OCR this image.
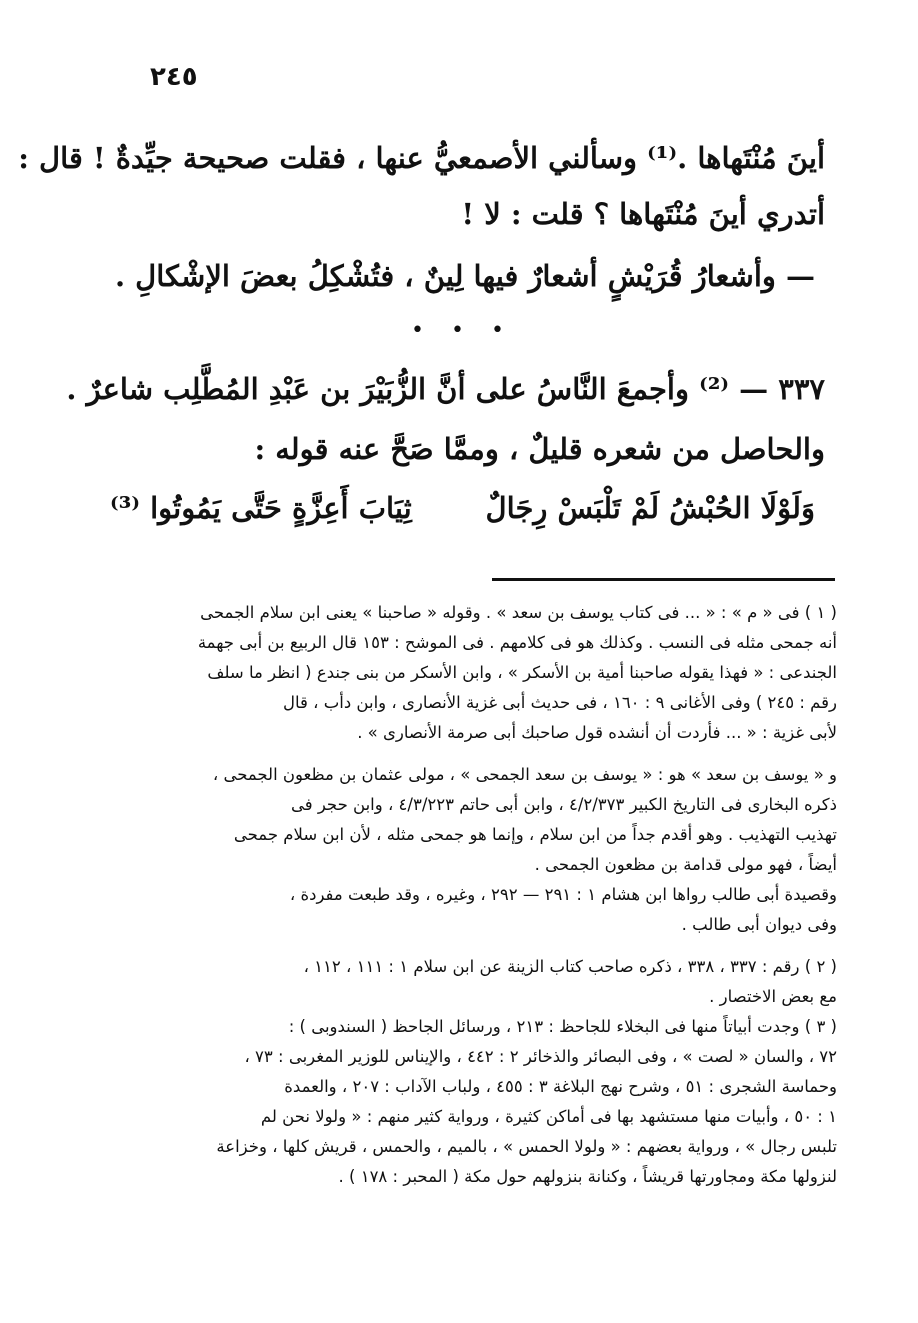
٢٤٥
أينَ مُنْتَهاها .⁽¹⁾ وسألني الأصمعيُّ عنها ، فقلت صحيحة جيِّدةٌ ! قال :
أتدري أينَ مُنْتَهاها ؟ قلت : لا !
— وأشعارُ قُرَيْشٍ أشعارٌ فيها لِينٌ ، فتُشْكِلُ بعضَ الإشْكالِ .
• • •
٣٣٧ — ⁽²⁾ وأجمعَ النَّاسُ على أنَّ الزُّبَيْرَ بن عَبْدِ المُطَّلِب شاعرٌ .
والحاصل من شعره قليلٌ ، وممَّا صَحَّ عنه قوله :
وَلَوْلَا الحُبْشُ لَمْ تَلْبَسْ رِجَالٌ
ثِيَابَ أَعِزَّةٍ حَتَّى يَمُوتُوا ⁽³⁾
( ١ ) فى « م » : « ... فى كتاب يوسف بن سعد » . وقوله « صاحبنا » يعنى ابن سلام الجمحى
أنه جمحى مثله فى النسب . وكذلك هو فى كلامهم . فى الموشح : ١٥٣ قال الربيع بن أبى جهمة
الجندعى : « فهذا يقوله صاحبنا أمية بن الأسكر » ، وابن الأسكر من بنى جندع ( انظر ما سلف
رقم : ٢٤٥ ) وفى الأغانى ٩ : ١٦٠ ، فى حديث أبى غزية الأنصارى ، وابن دأب ، قال
لأبى غزية : « ... فأردت أن أنشده قول صاحبك أبى صرمة الأنصارى » .
و « يوسف بن سعد » هو : « يوسف بن سعد الجمحى » ، مولى عثمان بن مظعون الجمحى ،
ذكره البخارى فى التاريخ الكبير ٤/٢/٣٧٣ ، وابن أبى حاتم ٤/٣/٢٢٣ ، وابن حجر فى
تهذيب التهذيب . وهو أقدم جداً من ابن سلام ، وإنما هو جمحى مثله ، لأن ابن سلام جمحى
أيضاً ، فهو مولى قدامة بن مظعون الجمحى .
وقصيدة أبى طالب رواها ابن هشام ١ : ٢٩١ — ٢٩٢ ، وغيره ، وقد طبعت مفردة ،
وفى ديوان أبى طالب .
( ٢ ) رقم : ٣٣٧ ، ٣٣٨ ، ذكره صاحب كتاب الزينة عن ابن سلام ١ : ١١١ ، ١١٢ ،
مع بعض الاختصار .
( ٣ ) وجدت أبياتاً منها فى البخلاء للجاحظ : ٢١٣ ، ورسائل الجاحظ ( السندوبى ) :
٧٢ ، والسان « لصت » ، وفى البصائر والذخائر ٢ : ٤٤٢ ، والإيناس للوزير المغربى : ٧٣ ،
وحماسة الشجرى : ٥١ ، وشرح نهج البلاغة ٣ : ٤٥٥ ، ولباب الآداب : ٢٠٧ ، والعمدة
١ : ٥٠ ، وأبيات منها مستشهد بها فى أماكن كثيرة ، ورواية كثير منهم : « ولولا نحن لم
تلبس رجال » ، ورواية بعضهم : « ولولا الحمس » ، بالميم ، والحمس ، قريش كلها ، وخزاعة
لنزولها مكة ومجاورتها قريشاً ، وكنانة بنزولهم حول مكة ( المحبر : ١٧٨ ) .
